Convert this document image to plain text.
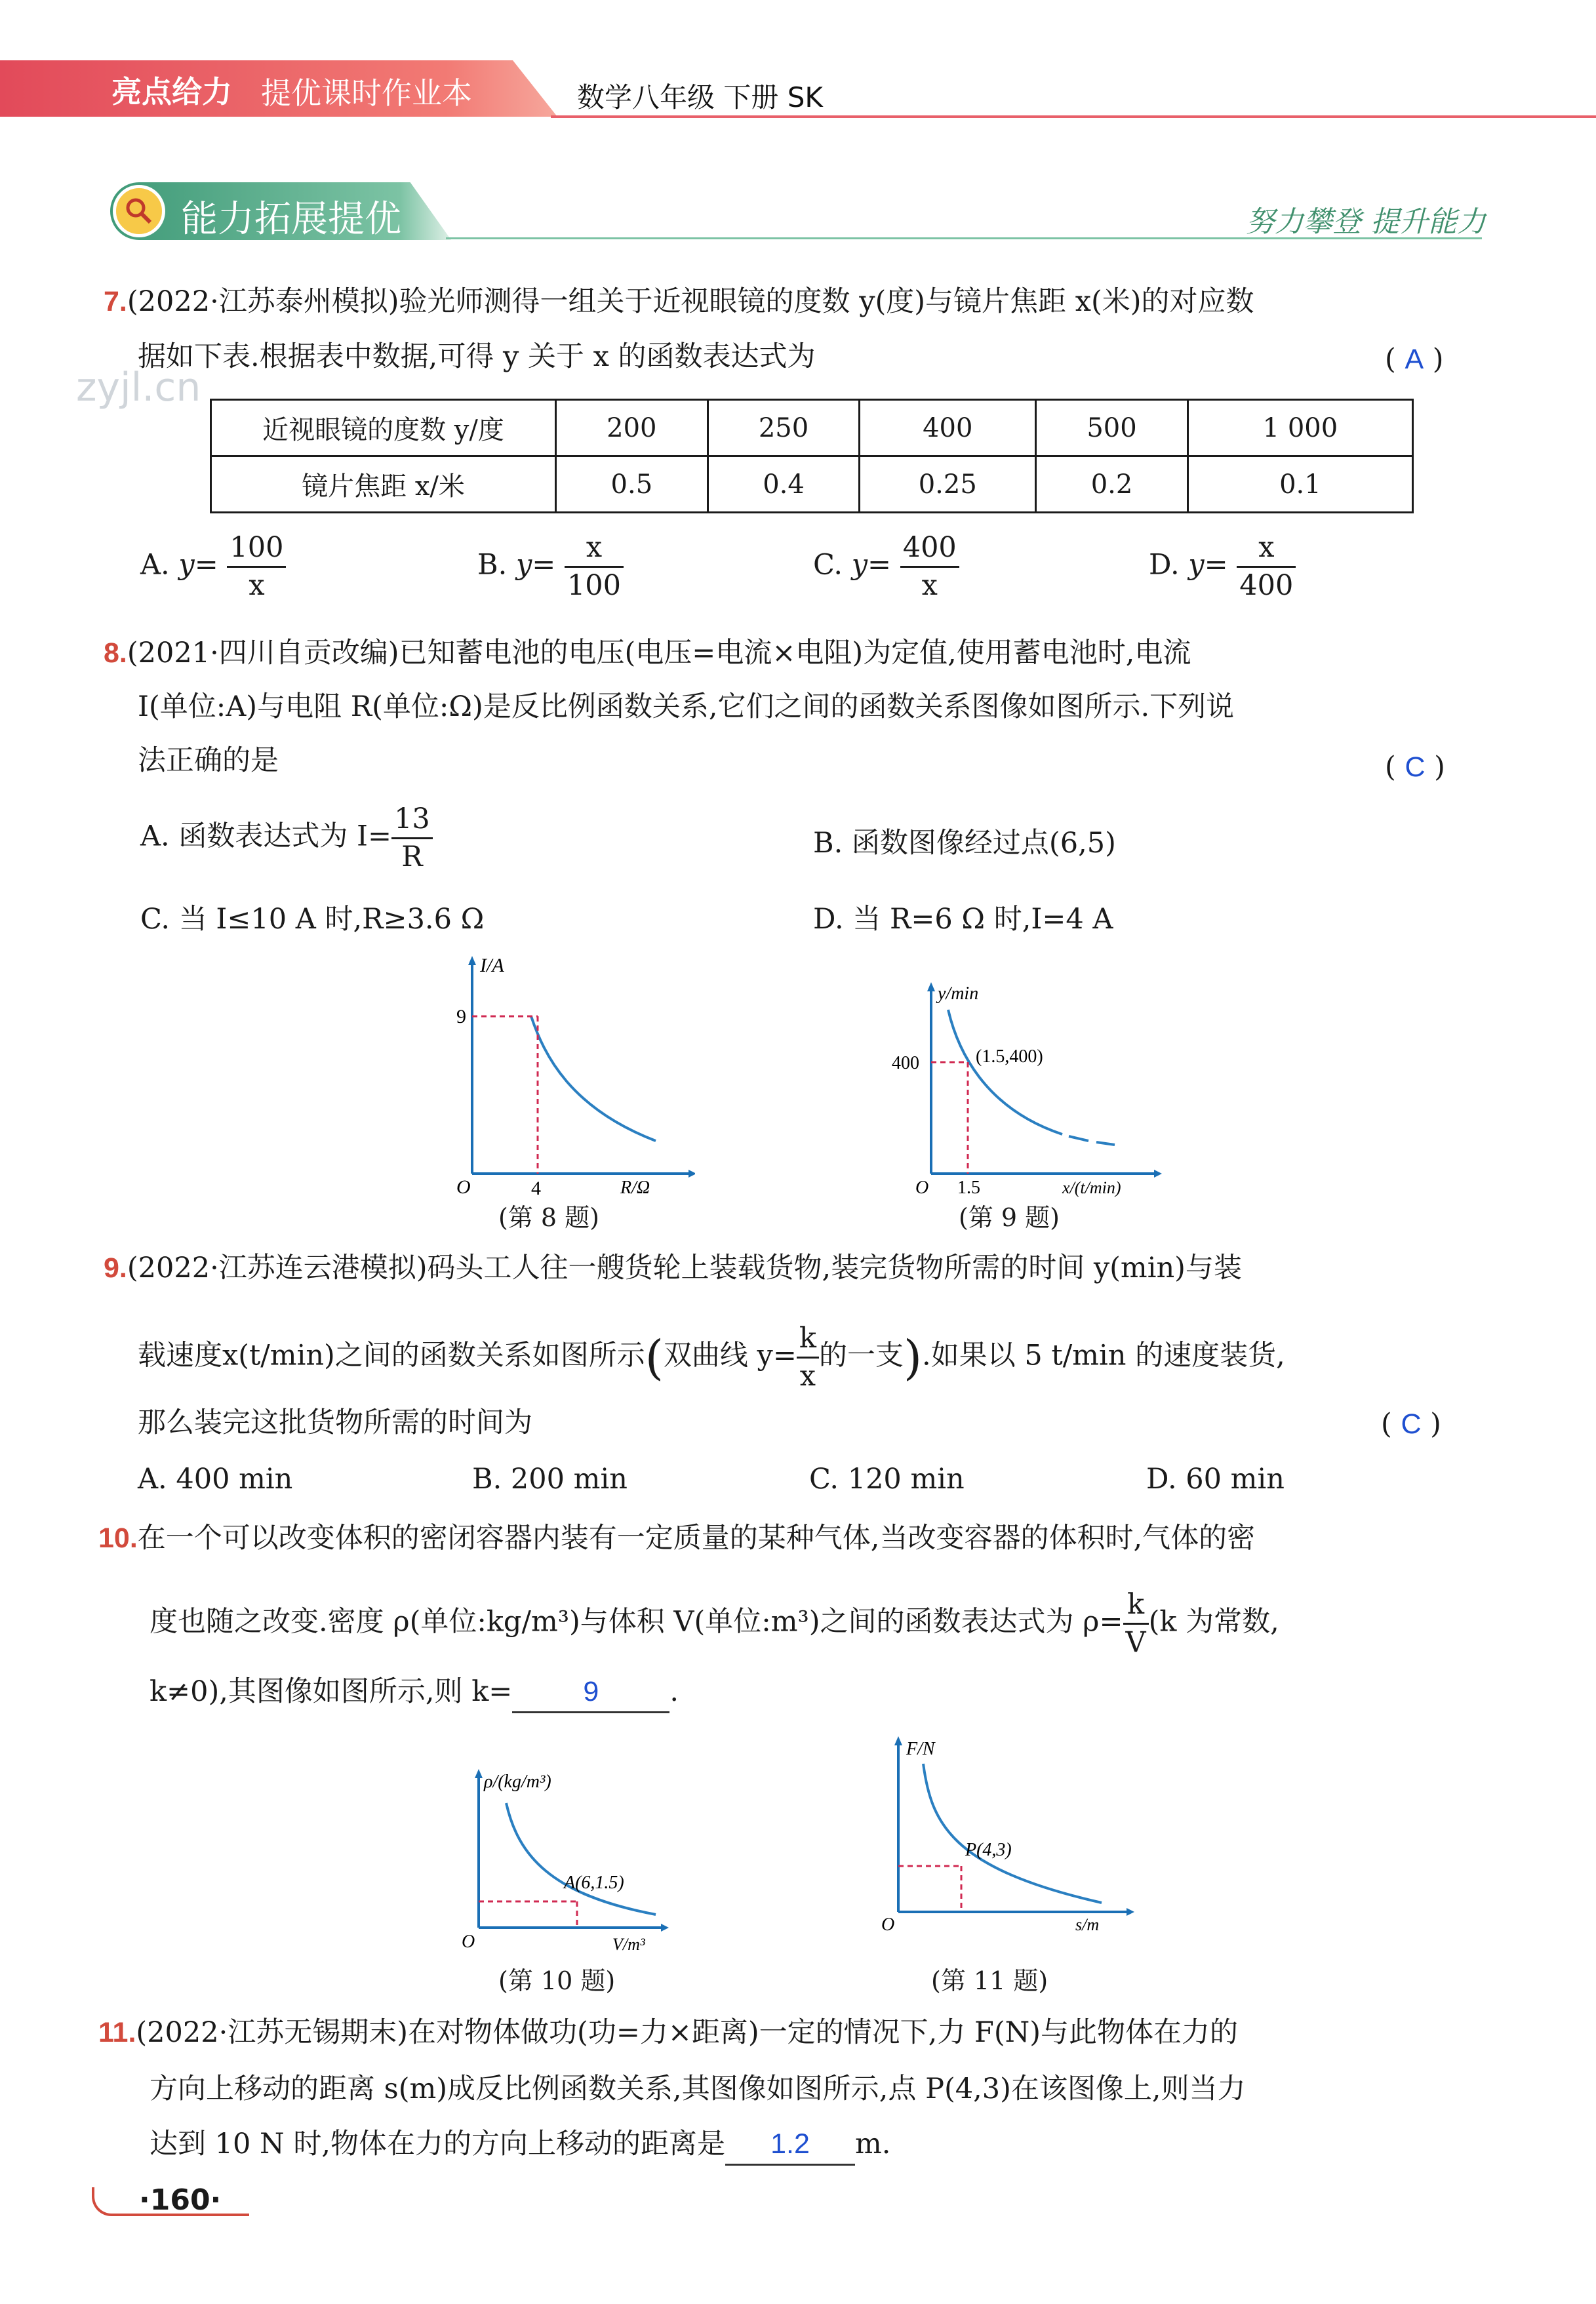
亮点给力 提优课时作业本	数学八年级 下册 SK
能力拓展提优	努力攀登 提升能力
zyjl.cn
7.(2022·江苏泰州模拟)验光师测得一组关于近视眼镜的度数 y(度)与镜片焦距 x(米)的对应数
据如下表.根据表中数据,可得 y 关于 x 的函数表达式为	( A )
近视眼镜的度数 y/度	200	250	400	500	1 000
镜片焦距 x/米	0.5	0.4	0.25	0.2	0.1
A. $y= \frac{100}{x}$	B. $y= \frac{x}{100}$	C. $y= \frac{400}{x}$	D. $y= \frac{x}{400}$
8.(2021·四川自贡改编)已知蓄电池的电压(电压=电流×电阻)为定值,使用蓄电池时,电流
I(单位:A)与电阻 R(单位:Ω)是反比例函数关系,它们之间的函数关系图像如图所示.下列说
法正确的是	( C )
A. 函数表达式为 $I= \frac{13}{R}$	B. 函数图像经过点(6,5)
C. 当 I≤10 A 时,R≥3.6 Ω	D. 当 R=6 Ω 时,I=4 A
I/A
R/Ω
O
9
4
(第 8 题)
y/min
400	(1.5,400)
O 1.5	x/(t/min)
(第 9 题)
9.(2022·江苏连云港模拟)码头工人往一艘货轮上装载货物,装完货物所需的时间 y(min)与装
载速度x(t/min)之间的函数关系如图所示(双曲线 $y= \frac{k}{x}$ 的一支).如果以 5 t/min 的速度装货,
那么装完这批货物所需的时间为	( C )
A. 400 min	B. 200 min	C. 120 min	D. 60 min
10.在一个可以改变体积的密闭容器内装有一定质量的某种气体,当改变容器的体积时,气体的密
度也随之改变.密度 ρ(单位:kg/m³)与体积 V(单位:m³)之间的函数表达式为 $\rho= \frac{k}{V} (k$ 为常数,
k≠0),其图像如图所示,则 k=	9	.
ρ/(kg/m³)
A(6,1.5)
O	V/m³
(第 10 题)
F/N
P(4,3)
O	s/m
(第 11 题)
11.(2022·江苏无锡期末)在对物体做功(功=力×距离)一定的情况下,力 F(N)与此物体在力的
方向上移动的距离 s(m)成反比例函数关系,其图像如图所示,点 P(4,3)在该图像上,则当力
达到 10 N 时,物体在力的方向上移动的距离是 1.2 m.
·160·
